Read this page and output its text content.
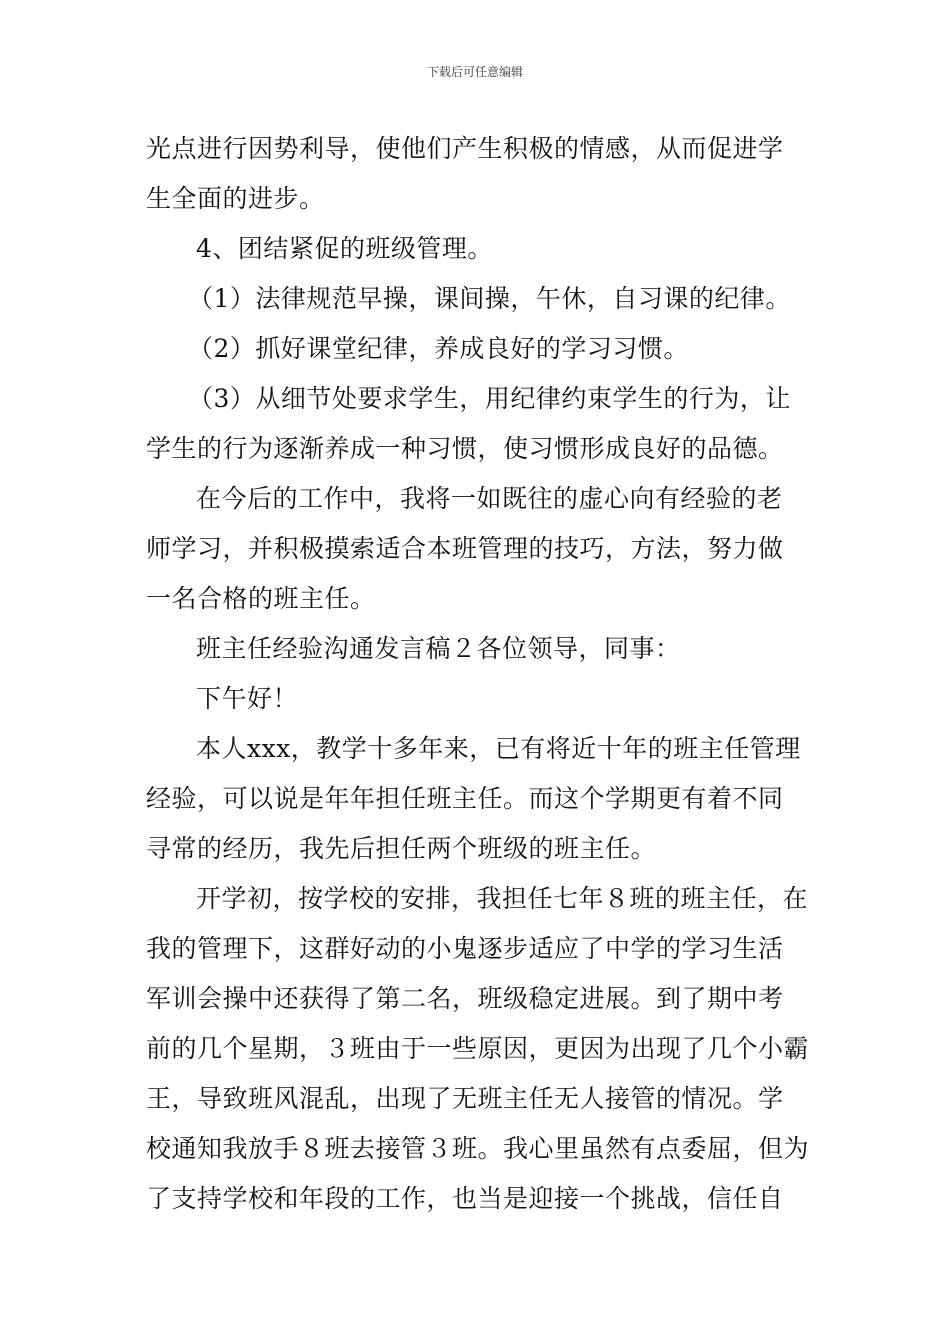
下载后可任意编辑
光点进行因势利导，使他们产生积极的情感，从而促进学
生全面的进步。
4、团结紧促的班级管理。
（1）法律规范早操，课间操，午休，自习课的纪律。
（2）抓好课堂纪律，养成良好的学习习惯。
（3）从细节处要求学生，用纪律约束学生的行为，让
学生的行为逐渐养成一种习惯，使习惯形成良好的品德。
在今后的工作中，我将一如既往的虚心向有经验的老
师学习，并积极摸索适合本班管理的技巧，方法，努力做
一名合格的班主任。
班主任经验沟通发言稿２各位领导，同事：
下午好！
本人xxx，教学十多年来，已有将近十年的班主任管理
经验，可以说是年年担任班主任。而这个学期更有着不同
寻常的经历，我先后担任两个班级的班主任。
开学初，按学校的安排，我担任七年８班的班主任，在
我的管理下，这群好动的小鬼逐步适应了中学的学习生活
军训会操中还获得了第二名，班级稳定进展。到了期中考
前的几个星期，３班由于一些原因，更因为出现了几个小霸
王，导致班风混乱，出现了无班主任无人接管的情况。学
校通知我放手８班去接管３班。我心里虽然有点委屈，但为
了支持学校和年段的工作，也当是迎接一个挑战，信任自
